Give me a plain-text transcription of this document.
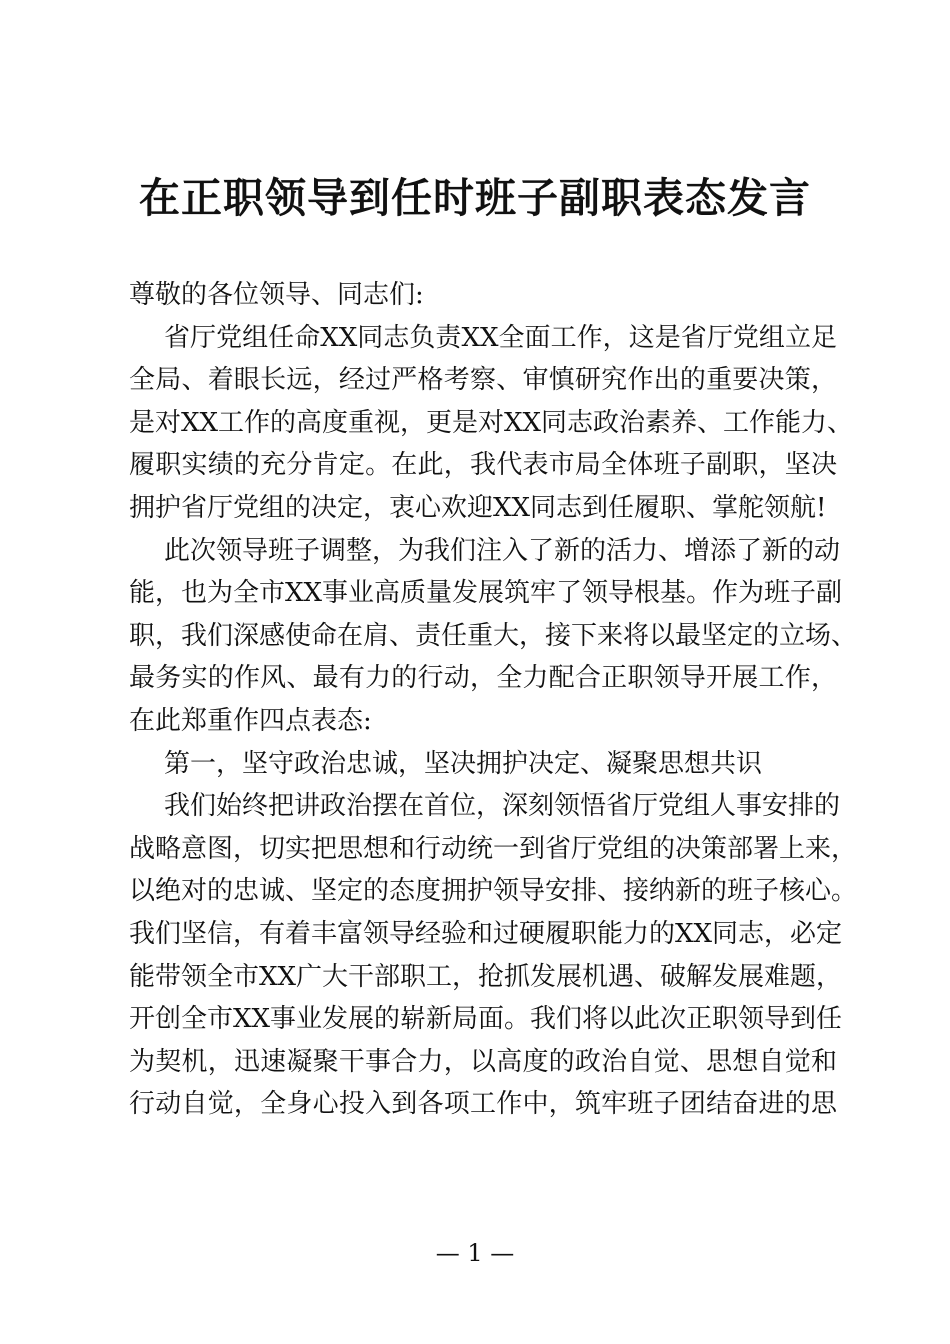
在正职领导到任时班子副职表态发言
尊敬的各位领导、同志们:
省厅党组任命XX同志负责XX全面工作，这是省厅党组立足
全局、着眼长远，经过严格考察、审慎研究作出的重要决策，
是对XX工作的高度重视，更是对XX同志政治素养、工作能力、
履职实绩的充分肯定。在此，我代表市局全体班子副职，坚决
拥护省厅党组的决定，衷心欢迎XX同志到任履职、掌舵领航!
此次领导班子调整，为我们注入了新的活力、增添了新的动
能，也为全市XX事业高质量发展筑牢了领导根基。作为班子副
职，我们深感使命在肩、责任重大，接下来将以最坚定的立场、
最务实的作风、最有力的行动，全力配合正职领导开展工作，
在此郑重作四点表态:
第一，坚守政治忠诚，坚决拥护决定、凝聚思想共识
我们始终把讲政治摆在首位，深刻领悟省厅党组人事安排的
战略意图，切实把思想和行动统一到省厅党组的决策部署上来，
以绝对的忠诚、坚定的态度拥护领导安排、接纳新的班子核心。
我们坚信，有着丰富领导经验和过硬履职能力的XX同志，必定
能带领全市XX广大干部职工，抢抓发展机遇、破解发展难题，
开创全市XX事业发展的崭新局面。我们将以此次正职领导到任
为契机，迅速凝聚干事合力，以高度的政治自觉、思想自觉和
行动自觉，全身心投入到各项工作中，筑牢班子团结奋进的思
— 1 —
